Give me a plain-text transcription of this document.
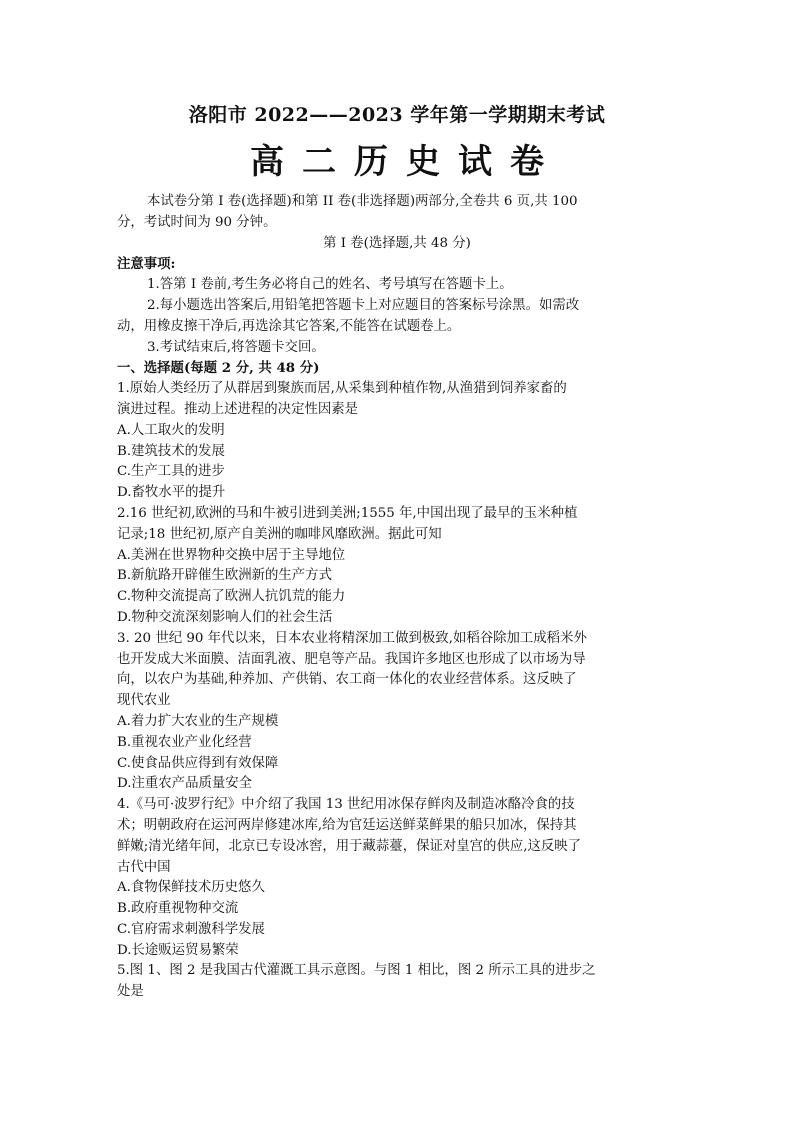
洛阳市 2022——2023 学年第一学期期末考试
高二历史试卷
本试卷分第 I 卷(选择题)和第 II 卷(非选择题)两部分,全卷共 6 页,共 100
分，考试时间为 90 分钟。
第 I 卷(选择题,共 48 分)
注意事项:
1.答第 I 卷前,考生务必将自己的姓名、考号填写在答题卡上。
2.每小题选出答案后,用铅笔把答题卡上对应题目的答案标号涂黑。如需改
动，用橡皮擦干净后,再选涂其它答案,不能答在试题卷上。
3.考试结束后,将答题卡交回。
一、选择题(每题 2 分, 共 48 分)
1.原始人类经历了从群居到聚族而居,从采集到种植作物,从渔猎到饲养家畜的
演进过程。推动上述进程的决定性因素是
A.人工取火的发明
B.建筑技术的发展
C.生产工具的进步
D.畜牧水平的提升
2.16 世纪初,欧洲的马和牛被引进到美洲;1555 年,中国出现了最早的玉米种植
记录;18 世纪初,原产自美洲的咖啡风靡欧洲。据此可知
A.美洲在世界物种交换中居于主导地位
B.新航路开辟催生欧洲新的生产方式
C.物种交流提高了欧洲人抗饥荒的能力
D.物种交流深刻影响人们的社会生活
3. 20 世纪 90 年代以来，日本农业将精深加工做到极致,如稻谷除加工成稻米外
也开发成大米面膜、洁面乳液、肥皂等产品。我国许多地区也形成了以市场为导
向，以农户为基础,种养加、产供销、农工商一体化的农业经营体系。这反映了
现代农业
A.着力扩大农业的生产规模
B.重视农业产业化经营
C.使食品供应得到有效保障
D.注重农产品质量安全
4.《马可·波罗行纪》中介绍了我国 13 世纪用冰保存鲜肉及制造冰酪冷食的技
术；明朝政府在运河两岸修建冰库,给为官廷运送鲜菜鲜果的船只加冰，保持其
鲜嫩;清光绪年间，北京已专设冰窖，用于藏蒜薹，保证对皇宫的供应,这反映了
古代中国
A.食物保鲜技术历史悠久
B.政府重视物种交流
C.官府需求刺激科学发展
D.长途贩运贸易繁荣
5.图 1、图 2 是我国古代灌溉工具示意图。与图 1 相比，图 2 所示工具的进步之
处是
